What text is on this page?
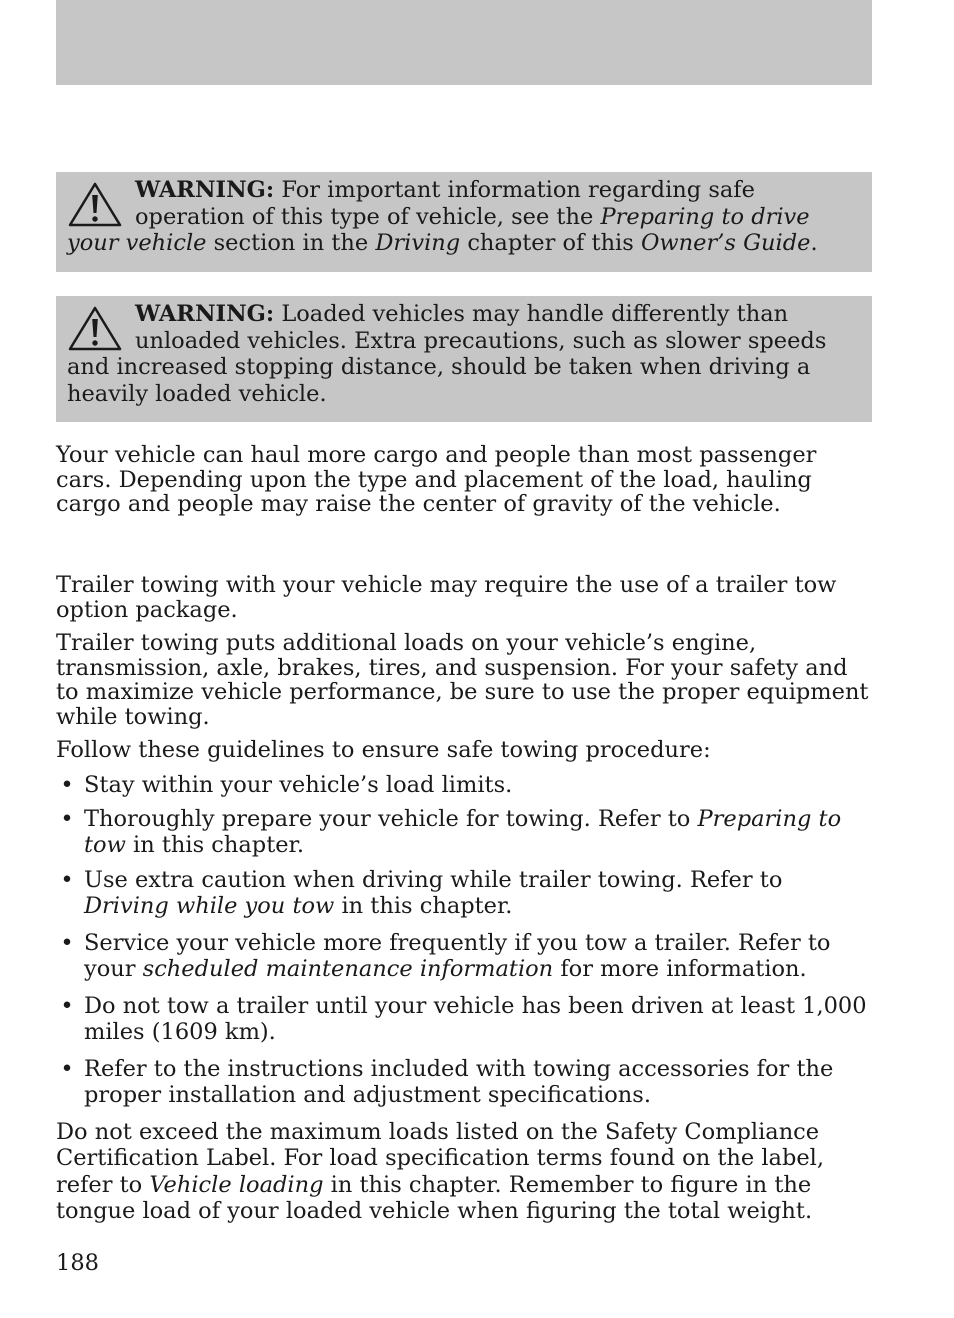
WARNING: For important information regarding safe operation of this type of vehicle, see the Preparing to drive your vehicle section in the Driving chapter of this Owner’s Guide.
WARNING: Loaded vehicles may handle differently than unloaded vehicles. Extra precautions, such as slower speeds and increased stopping distance, should be taken when driving a heavily loaded vehicle.

Your vehicle can haul more cargo and people than most passenger cars. Depending upon the type and placement of the load, hauling cargo and people may raise the center of gravity of the vehicle.

Trailer towing with your vehicle may require the use of a trailer tow option package.

Trailer towing puts additional loads on your vehicle’s engine, transmission, axle, brakes, tires, and suspension. For your safety and to maximize vehicle performance, be sure to use the proper equipment while towing.

Follow these guidelines to ensure safe towing procedure:

• Stay within your vehicle’s load limits.
• Thoroughly prepare your vehicle for towing. Refer to Preparing to tow in this chapter.
• Use extra caution when driving while trailer towing. Refer to Driving while you tow in this chapter.
• Service your vehicle more frequently if you tow a trailer. Refer to your scheduled maintenance information for more information.
• Do not tow a trailer until your vehicle has been driven at least 1,000 miles (1609 km).
• Refer to the instructions included with towing accessories for the proper installation and adjustment specifications.

Do not exceed the maximum loads listed on the Safety Compliance Certification Label. For load specification terms found on the label, refer to Vehicle loading in this chapter. Remember to figure in the tongue load of your loaded vehicle when figuring the total weight.

188
